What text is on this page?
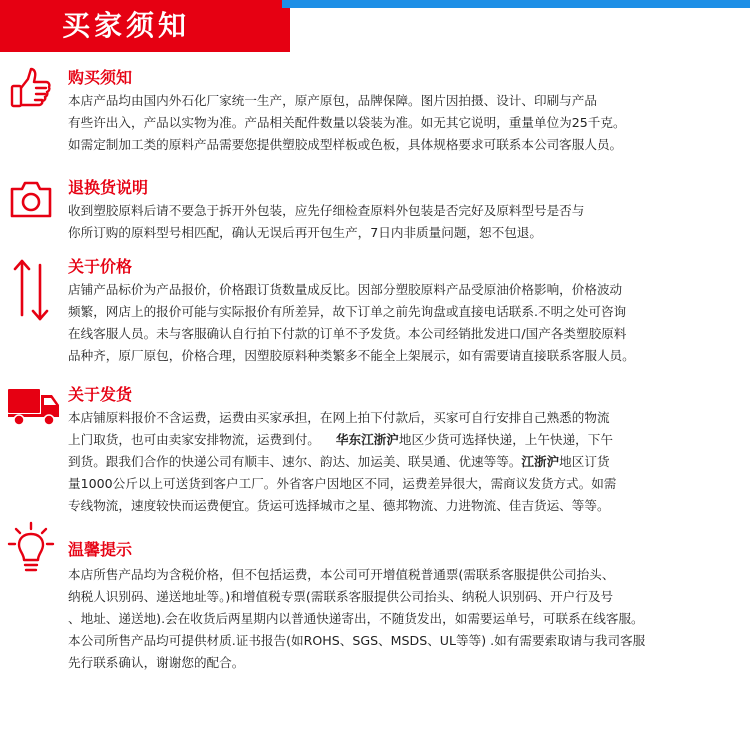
买家须知
购买须知

本店产品均由国内外石化厂家统一生产，原产原包，品牌保障。图片因拍摄、设计、印刷与产品

有些许出入，产品以实物为准。产品相关配件数量以袋装为准。如无其它说明，重量单位为25千克。

如需定制加工类的原料产品需要您提供塑胶成型样板或色板，具体规格要求可联系本公司客服人员。

退换货说明

收到塑胶原料后请不要急于拆开外包装，应先仔细检查原料外包装是否完好及原料型号是否与

你所订购的原料型号相匹配，确认无误后再开包生产，7日内非质量问题，恕不包退。

关于价格

店铺产品标价为产品报价，价格跟订货数量成反比。因部分塑胶原料产品受原油价格影响，价格波动

频繁，网店上的报价可能与实际报价有所差异，故下订单之前先询盘或直接电话联系.不明之处可咨询

在线客服人员。未与客服确认自行拍下付款的订单不予发货。本公司经销批发进口/国产各类塑胶原料

品种齐，原厂原包，价格合理，因塑胶原料种类繁多不能全上架展示，如有需要请直接联系客服人员。

关于发货

本店铺原料报价不含运费，运费由买家承担，在网上拍下付款后，买家可自行安排自己熟悉的物流

上门取货，也可由卖家安排物流，运费到付。 华东江浙沪地区少货可选择快递，上午快递，下午

到货。跟我们合作的快递公司有顺丰、速尔、韵达、加运美、联昊通、优速等等。江浙沪地区订货

量1000公斤以上可送货到客户工厂。外省客户因地区不同，运费差异很大，需商议发货方式。如需

专线物流，速度较快而运费便宜。货运可选择城市之星、德邦物流、力进物流、佳吉货运、等等。

温馨提示

本店所售产品均为含税价格，但不包括运费，本公司可开增值税普通票(需联系客服提供公司抬头、

纳税人识别码、递送地址等。)和增值税专票(需联系客服提供公司抬头、纳税人识别码、开户行及号

、地址、递送地).会在收货后两星期内以普通快递寄出，不随货发出，如需要运单号，可联系在线客服。

本公司所售产品均可提供材质.证书报告(如ROHS、SGS、MSDS、UL等等) .如有需要索取请与我司客服

先行联系确认，谢谢您的配合。
